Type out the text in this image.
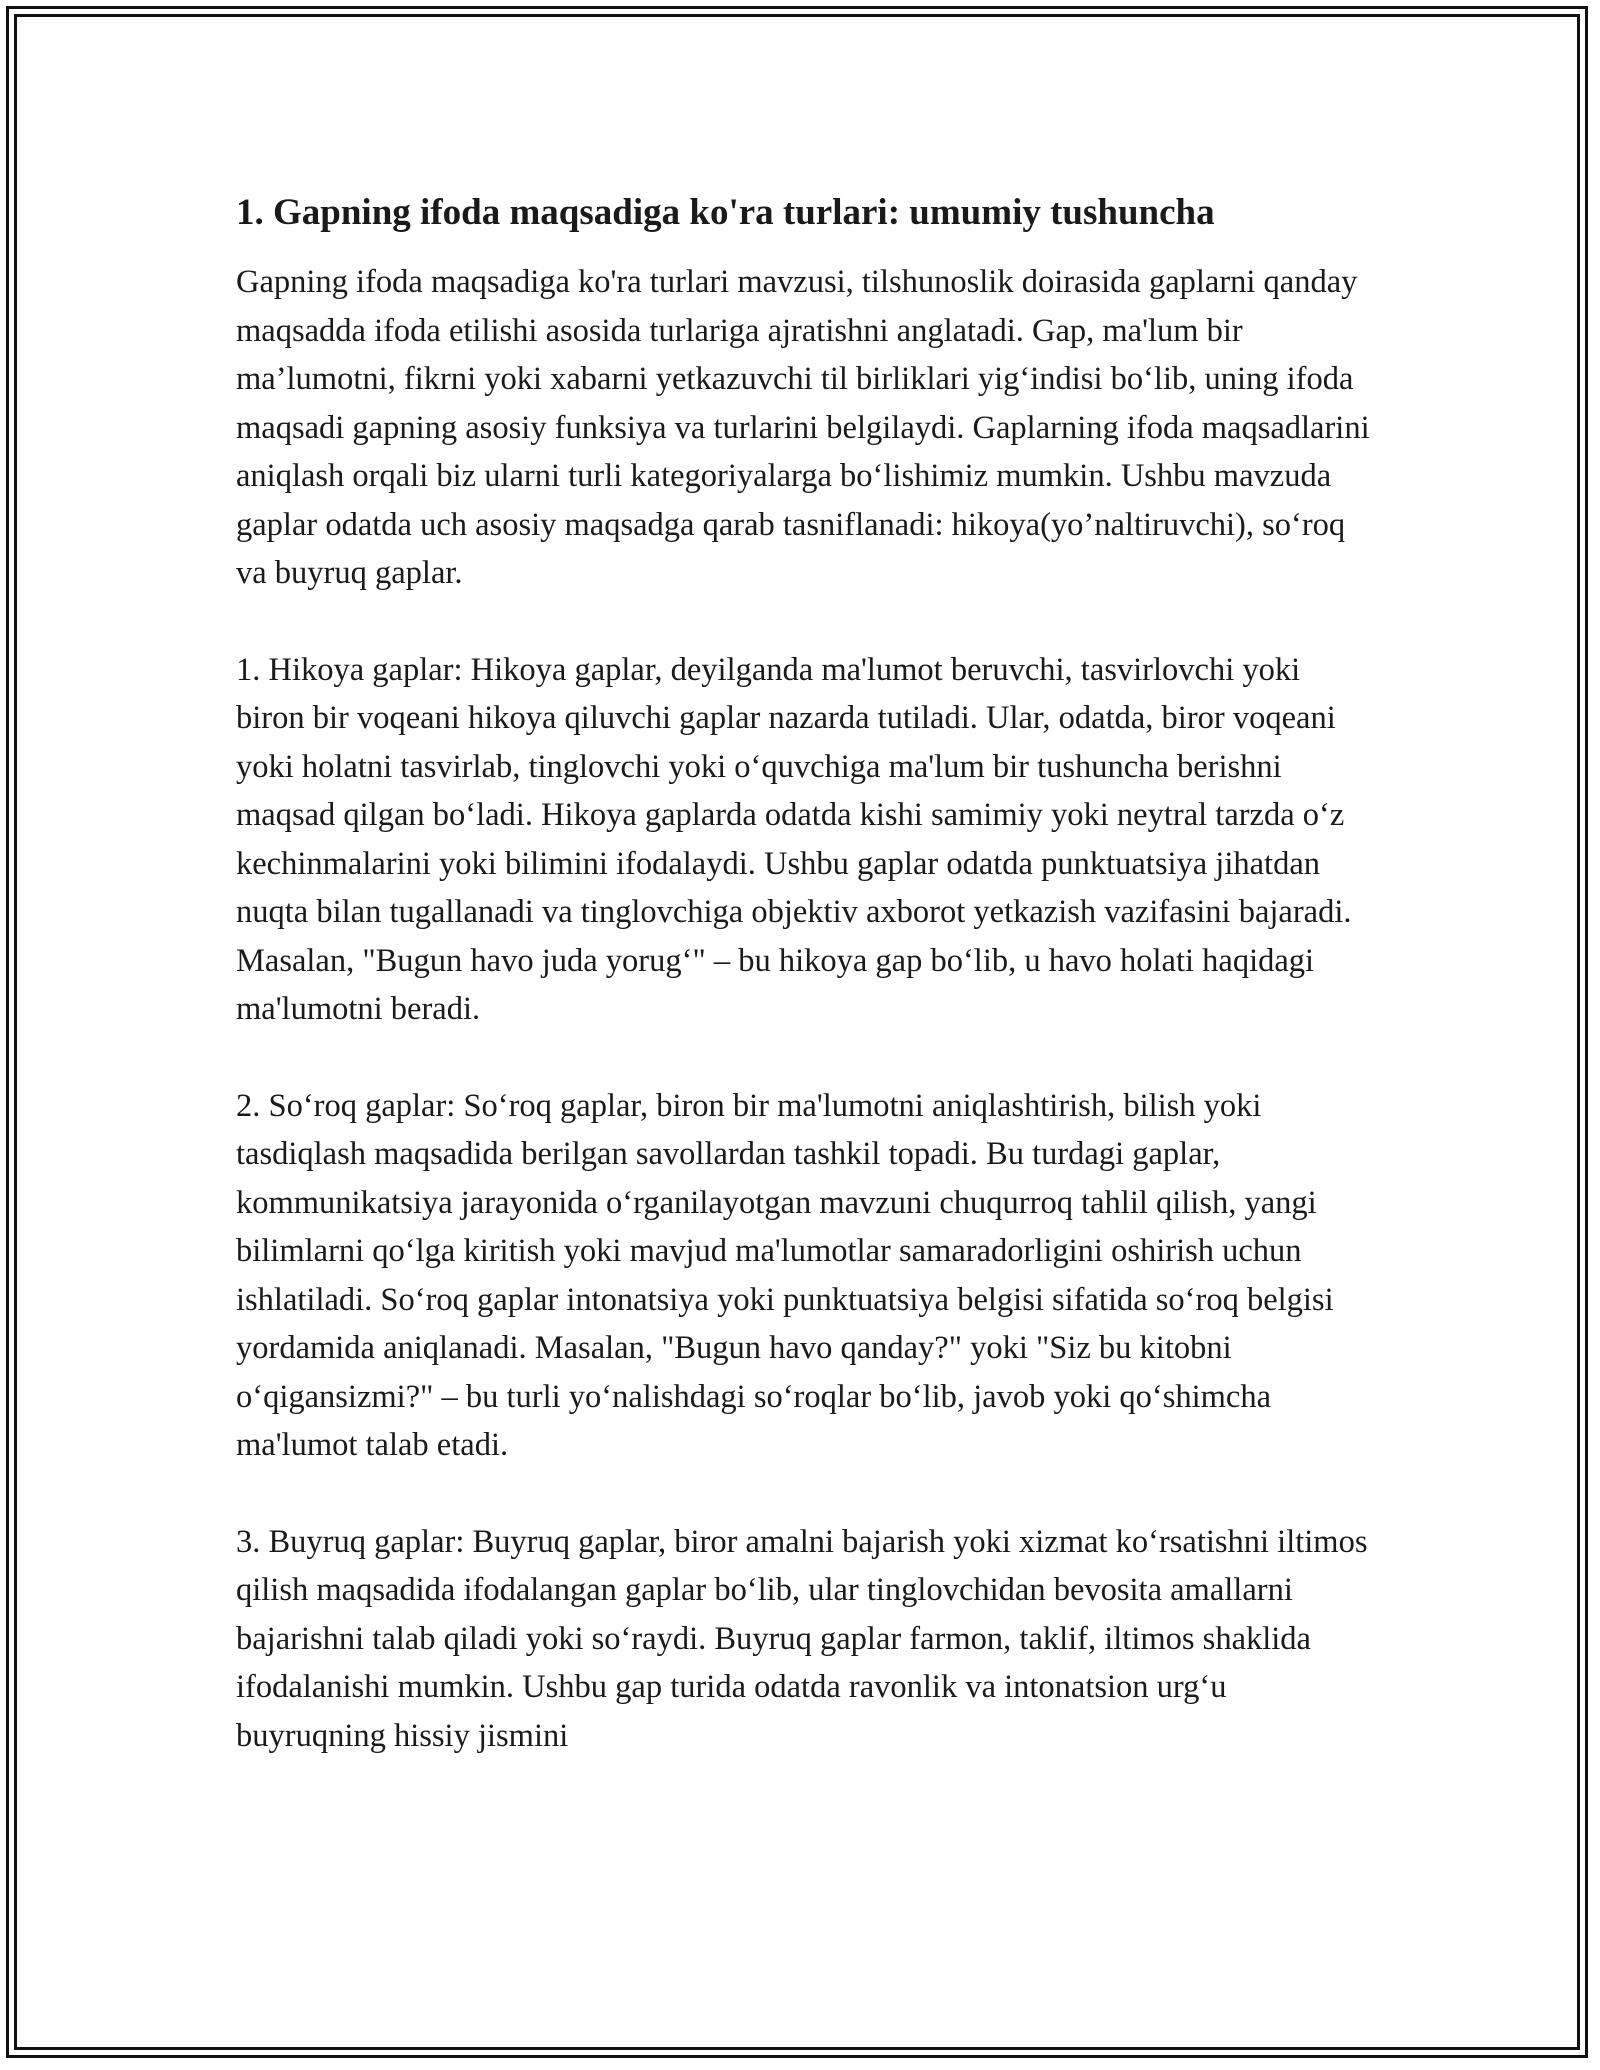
1. Gapning ifoda maqsadiga ko'ra turlari: umumiy tushuncha

Gapning ifoda maqsadiga ko'ra turlari mavzusi, tilshunoslik doirasida gaplarni qanday maqsadda ifoda etilishi asosida turlariga ajratishni anglatadi. Gap, ma'lum bir ma’lumotni, fikrni yoki xabarni yetkazuvchi til birliklari yig‘indisi bo‘lib, uning ifoda maqsadi gapning asosiy funksiya va turlarini belgilaydi. Gaplarning ifoda maqsadlarini aniqlash orqali biz ularni turli kategoriyalarga bo‘lishimiz mumkin. Ushbu mavzuda gaplar odatda uch asosiy maqsadga qarab tasniflanadi: hikoya(yo’naltiruvchi), so‘roq va buyruq gaplar.

1. Hikoya gaplar: Hikoya gaplar, deyilganda ma'lumot beruvchi, tasvirlovchi yoki biron bir voqeani hikoya qiluvchi gaplar nazarda tutiladi. Ular, odatda, biror voqeani yoki holatni tasvirlab, tinglovchi yoki o‘quvchiga ma'lum bir tushuncha berishni maqsad qilgan bo‘ladi. Hikoya gaplarda odatda kishi samimiy yoki neytral tarzda o‘z kechinmalarini yoki bilimini ifodalaydi. Ushbu gaplar odatda punktuatsiya jihatdan nuqta bilan tugallanadi va tinglovchiga objektiv axborot yetkazish vazifasini bajaradi. Masalan, "Bugun havo juda yorug‘" – bu hikoya gap bo‘lib, u havo holati haqidagi ma'lumotni beradi.

2. So‘roq gaplar: So‘roq gaplar, biron bir ma'lumotni aniqlashtirish, bilish yoki tasdiqlash maqsadida berilgan savollardan tashkil topadi. Bu turdagi gaplar, kommunikatsiya jarayonida o‘rganilayotgan mavzuni chuqurroq tahlil qilish, yangi bilimlarni qo‘lga kiritish yoki mavjud ma'lumotlar samaradorligini oshirish uchun ishlatiladi. So‘roq gaplar intonatsiya yoki punktuatsiya belgisi sifatida so‘roq belgisi yordamida aniqlanadi. Masalan, "Bugun havo qanday?" yoki "Siz bu kitobni o‘qigansizmi?" – bu turli yo‘nalishdagi so‘roqlar bo‘lib, javob yoki qo‘shimcha ma'lumot talab etadi.

3. Buyruq gaplar: Buyruq gaplar, biror amalni bajarish yoki xizmat ko‘rsatishni iltimos qilish maqsadida ifodalangan gaplar bo‘lib, ular tinglovchidan bevosita amallarni bajarishni talab qiladi yoki so‘raydi. Buyruq gaplar farmon, taklif, iltimos shaklida ifodalanishi mumkin. Ushbu gap turida odatda ravonlik va intonatsion urg‘u buyruqning hissiy jismini
